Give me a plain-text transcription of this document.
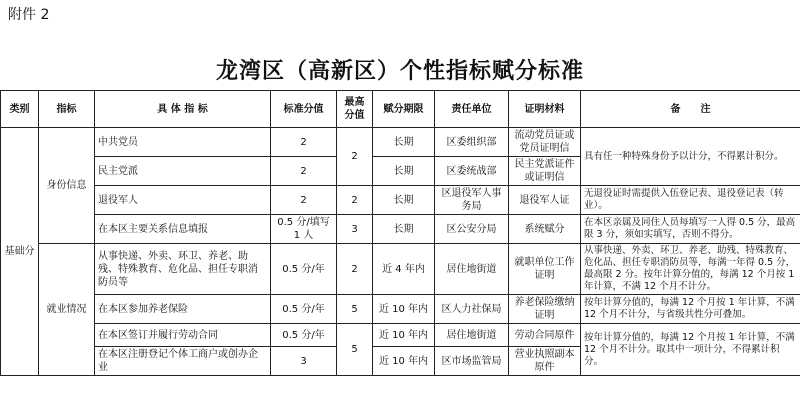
附件 2
龙湾区（高新区）个性指标赋分标准
类别	指标	具 体 指 标	标准分值	最高分值	赋分期限	责任单位	证明材料	备　　注
基础分	身份信息	中共党员	2	2	长期	区委组织部	流动党员证或党员证明信	具有任一种特殊身份予以计分，不得累计积分。
		民主党派	2		长期	区委统战部	民主党派证件或证明信	
		退役军人	2	2	长期	区退役军人事务局	退役军人证	无退役证时需提供入伍登记表、退役登记表（转业）。
		在本区主要关系信息填报	0.5 分/填写 1 人	3	长期	区公安分局	系统赋分	在本区亲属及同住人员每填写一人得 0.5 分，最高限 3 分，须如实填写，否则不得分。
	就业情况	从事快递、外卖、环卫、养老、助残、特殊教育、危化品、担任专职消防员等	0.5 分/年	2	近 4 年内	居住地街道	就职单位工作证明	从事快递、外卖、环卫、养老、助残、特殊教育、危化品、担任专职消防员等，每满一年得 0.5 分，最高限 2 分。按年计算分值的，每满 12 个月按 1 年计算，不满 12 个月不计分。
		在本区参加养老保险	0.5 分/年	5	近 10 年内	区人力社保局	养老保险缴纳证明	按年计算分值的，每满 12 个月按 1 年计算，不满 12 个月不计分，与省级共性分可叠加。
		在本区签订并履行劳动合同	0.5 分/年	5	近 10 年内	居住地街道	劳动合同原件	按年计算分值的，每满 12 个月按 1 年计算，不满 12 个月不计分。取其中一项计分，不得累计积分。
		在本区注册登记个体工商户或创办企业	3		近 10 年内	区市场监管局	营业执照副本原件	
